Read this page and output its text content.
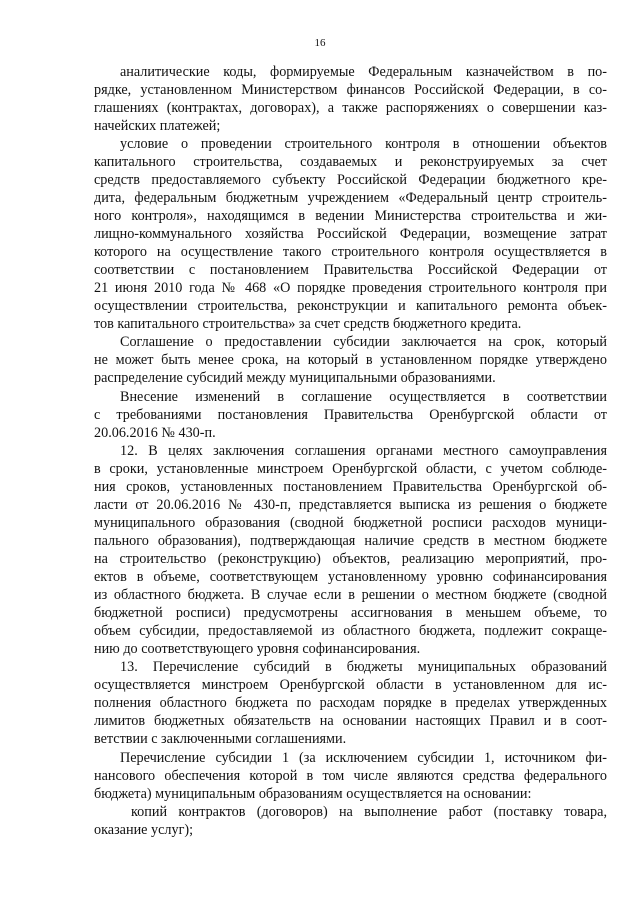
16
аналитические коды, формируемые Федеральным казначейством в по-
рядке, установленном Министерством финансов Российской Федерации, в со-
глашениях (контрактах, договорах), а также распоряжениях о совершении каз-
начейских платежей;
условие о проведении строительного контроля в отношении объектов
капитального строительства, создаваемых и реконструируемых за счет
средств предоставляемого субъекту Российской Федерации бюджетного кре-
дита, федеральным бюджетным учреждением «Федеральный центр строитель-
ного контроля», находящимся в ведении Министерства строительства и жи-
лищно-коммунального хозяйства Российской Федерации, возмещение затрат
которого на осуществление такого строительного контроля осуществляется в
соответствии с постановлением Правительства Российской Федерации от
21 июня 2010 года № 468 «О порядке проведения строительного контроля при
осуществлении строительства, реконструкции и капитального ремонта объек-
тов капитального строительства» за счет средств бюджетного кредита.
Соглашение о предоставлении субсидии заключается на срок, который
не может быть менее срока, на который в установленном порядке утверждено
распределение субсидий между муниципальными образованиями.
Внесение изменений в соглашение осуществляется в соответствии
с требованиями постановления Правительства Оренбургской области от
20.06.2016 № 430-п.
12. В целях заключения соглашения органами местного самоуправления
в сроки, установленные минстроем Оренбургской области, с учетом соблюде-
ния сроков, установленных постановлением Правительства Оренбургской об-
ласти от 20.06.2016 № 430-п, представляется выписка из решения о бюджете
муниципального образования (сводной бюджетной росписи расходов муници-
пального образования), подтверждающая наличие средств в местном бюджете
на строительство (реконструкцию) объектов, реализацию мероприятий, про-
ектов в объеме, соответствующем установленному уровню софинансирования
из областного бюджета. В случае если в решении о местном бюджете (сводной
бюджетной росписи) предусмотрены ассигнования в меньшем объеме, то
объем субсидии, предоставляемой из областного бюджета, подлежит сокраще-
нию до соответствующего уровня софинансирования.
13. Перечисление субсидий в бюджеты муниципальных образований
осуществляется минстроем Оренбургской области в установленном для ис-
полнения областного бюджета по расходам порядке в пределах утвержденных
лимитов бюджетных обязательств на основании настоящих Правил и в соот-
ветствии с заключенными соглашениями.
Перечисление субсидии 1 (за исключением субсидии 1, источником фи-
нансового обеспечения которой в том числе являются средства федерального
бюджета) муниципальным образованиям осуществляется на основании:
копий контрактов (договоров) на выполнение работ (поставку товара,
оказание услуг);
